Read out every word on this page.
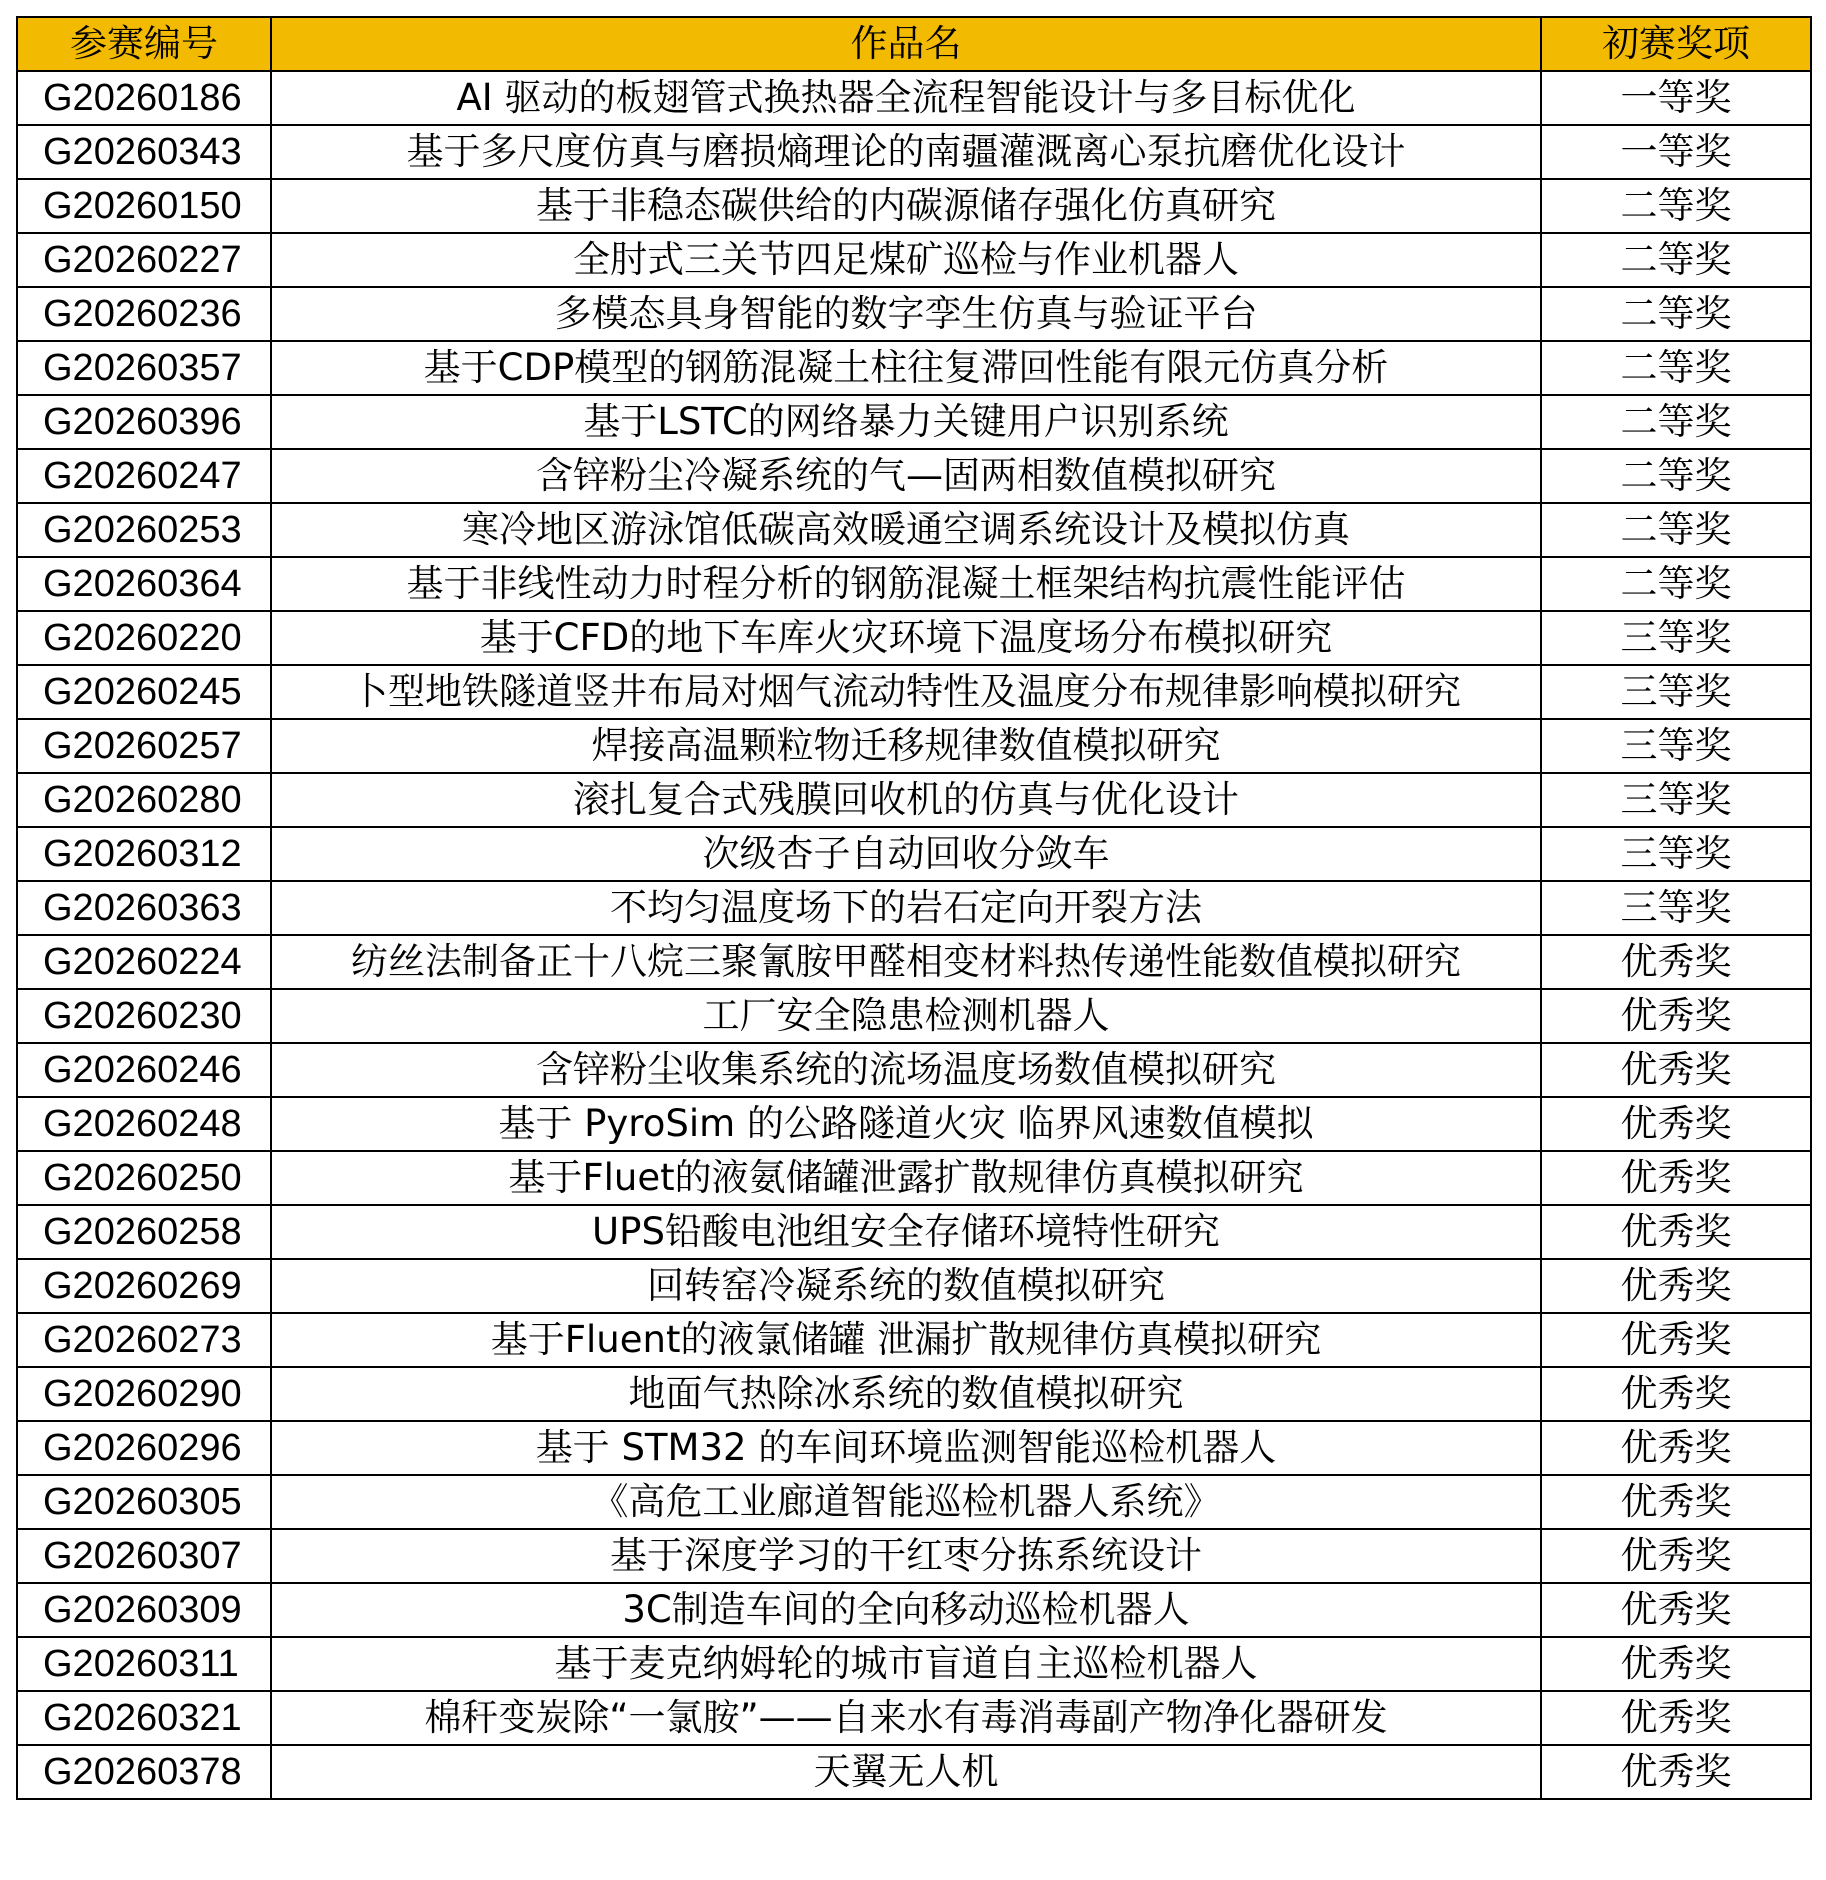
参赛编号	作品名	初赛奖项
G20260186	AI 驱动的板翅管式换热器全流程智能设计与多目标优化	一等奖
G20260343	基于多尺度仿真与磨损熵理论的南疆灌溉离心泵抗磨优化设计	一等奖
G20260150	基于非稳态碳供给的内碳源储存强化仿真研究	二等奖
G20260227	全肘式三关节四足煤矿巡检与作业机器人	二等奖
G20260236	多模态具身智能的数字孪生仿真与验证平台	二等奖
G20260357	基于CDP模型的钢筋混凝土柱往复滞回性能有限元仿真分析	二等奖
G20260396	基于LSTC的网络暴力关键用户识别系统	二等奖
G20260247	含锌粉尘冷凝系统的气—固两相数值模拟研究	二等奖
G20260253	寒冷地区游泳馆低碳高效暖通空调系统设计及模拟仿真	二等奖
G20260364	基于非线性动力时程分析的钢筋混凝土框架结构抗震性能评估	二等奖
G20260220	基于CFD的地下车库火灾环境下温度场分布模拟研究	三等奖
G20260245	卜型地铁隧道竖井布局对烟气流动特性及温度分布规律影响模拟研究	三等奖
G20260257	焊接高温颗粒物迁移规律数值模拟研究	三等奖
G20260280	滚扎复合式残膜回收机的仿真与优化设计	三等奖
G20260312	次级杏子自动回收分敛车	三等奖
G20260363	不均匀温度场下的岩石定向开裂方法	三等奖
G20260224	纺丝法制备正十八烷三聚氰胺甲醛相变材料热传递性能数值模拟研究	优秀奖
G20260230	工厂安全隐患检测机器人	优秀奖
G20260246	含锌粉尘收集系统的流场温度场数值模拟研究	优秀奖
G20260248	基于 PyroSim 的公路隧道火灾 临界风速数值模拟	优秀奖
G20260250	基于Fluet的液氨储罐泄露扩散规律仿真模拟研究	优秀奖
G20260258	UPS铅酸电池组安全存储环境特性研究	优秀奖
G20260269	回转窑冷凝系统的数值模拟研究	优秀奖
G20260273	基于Fluent的液氯储罐 泄漏扩散规律仿真模拟研究	优秀奖
G20260290	地面气热除冰系统的数值模拟研究	优秀奖
G20260296	基于 STM32 的车间环境监测智能巡检机器人	优秀奖
G20260305	《高危工业廊道智能巡检机器人系统》	优秀奖
G20260307	基于深度学习的干红枣分拣系统设计	优秀奖
G20260309	3C制造车间的全向移动巡检机器人	优秀奖
G20260311	基于麦克纳姆轮的城市盲道自主巡检机器人	优秀奖
G20260321	棉秆变炭除“一氯胺”——自来水有毒消毒副产物净化器研发	优秀奖
G20260378	天翼无人机	优秀奖
